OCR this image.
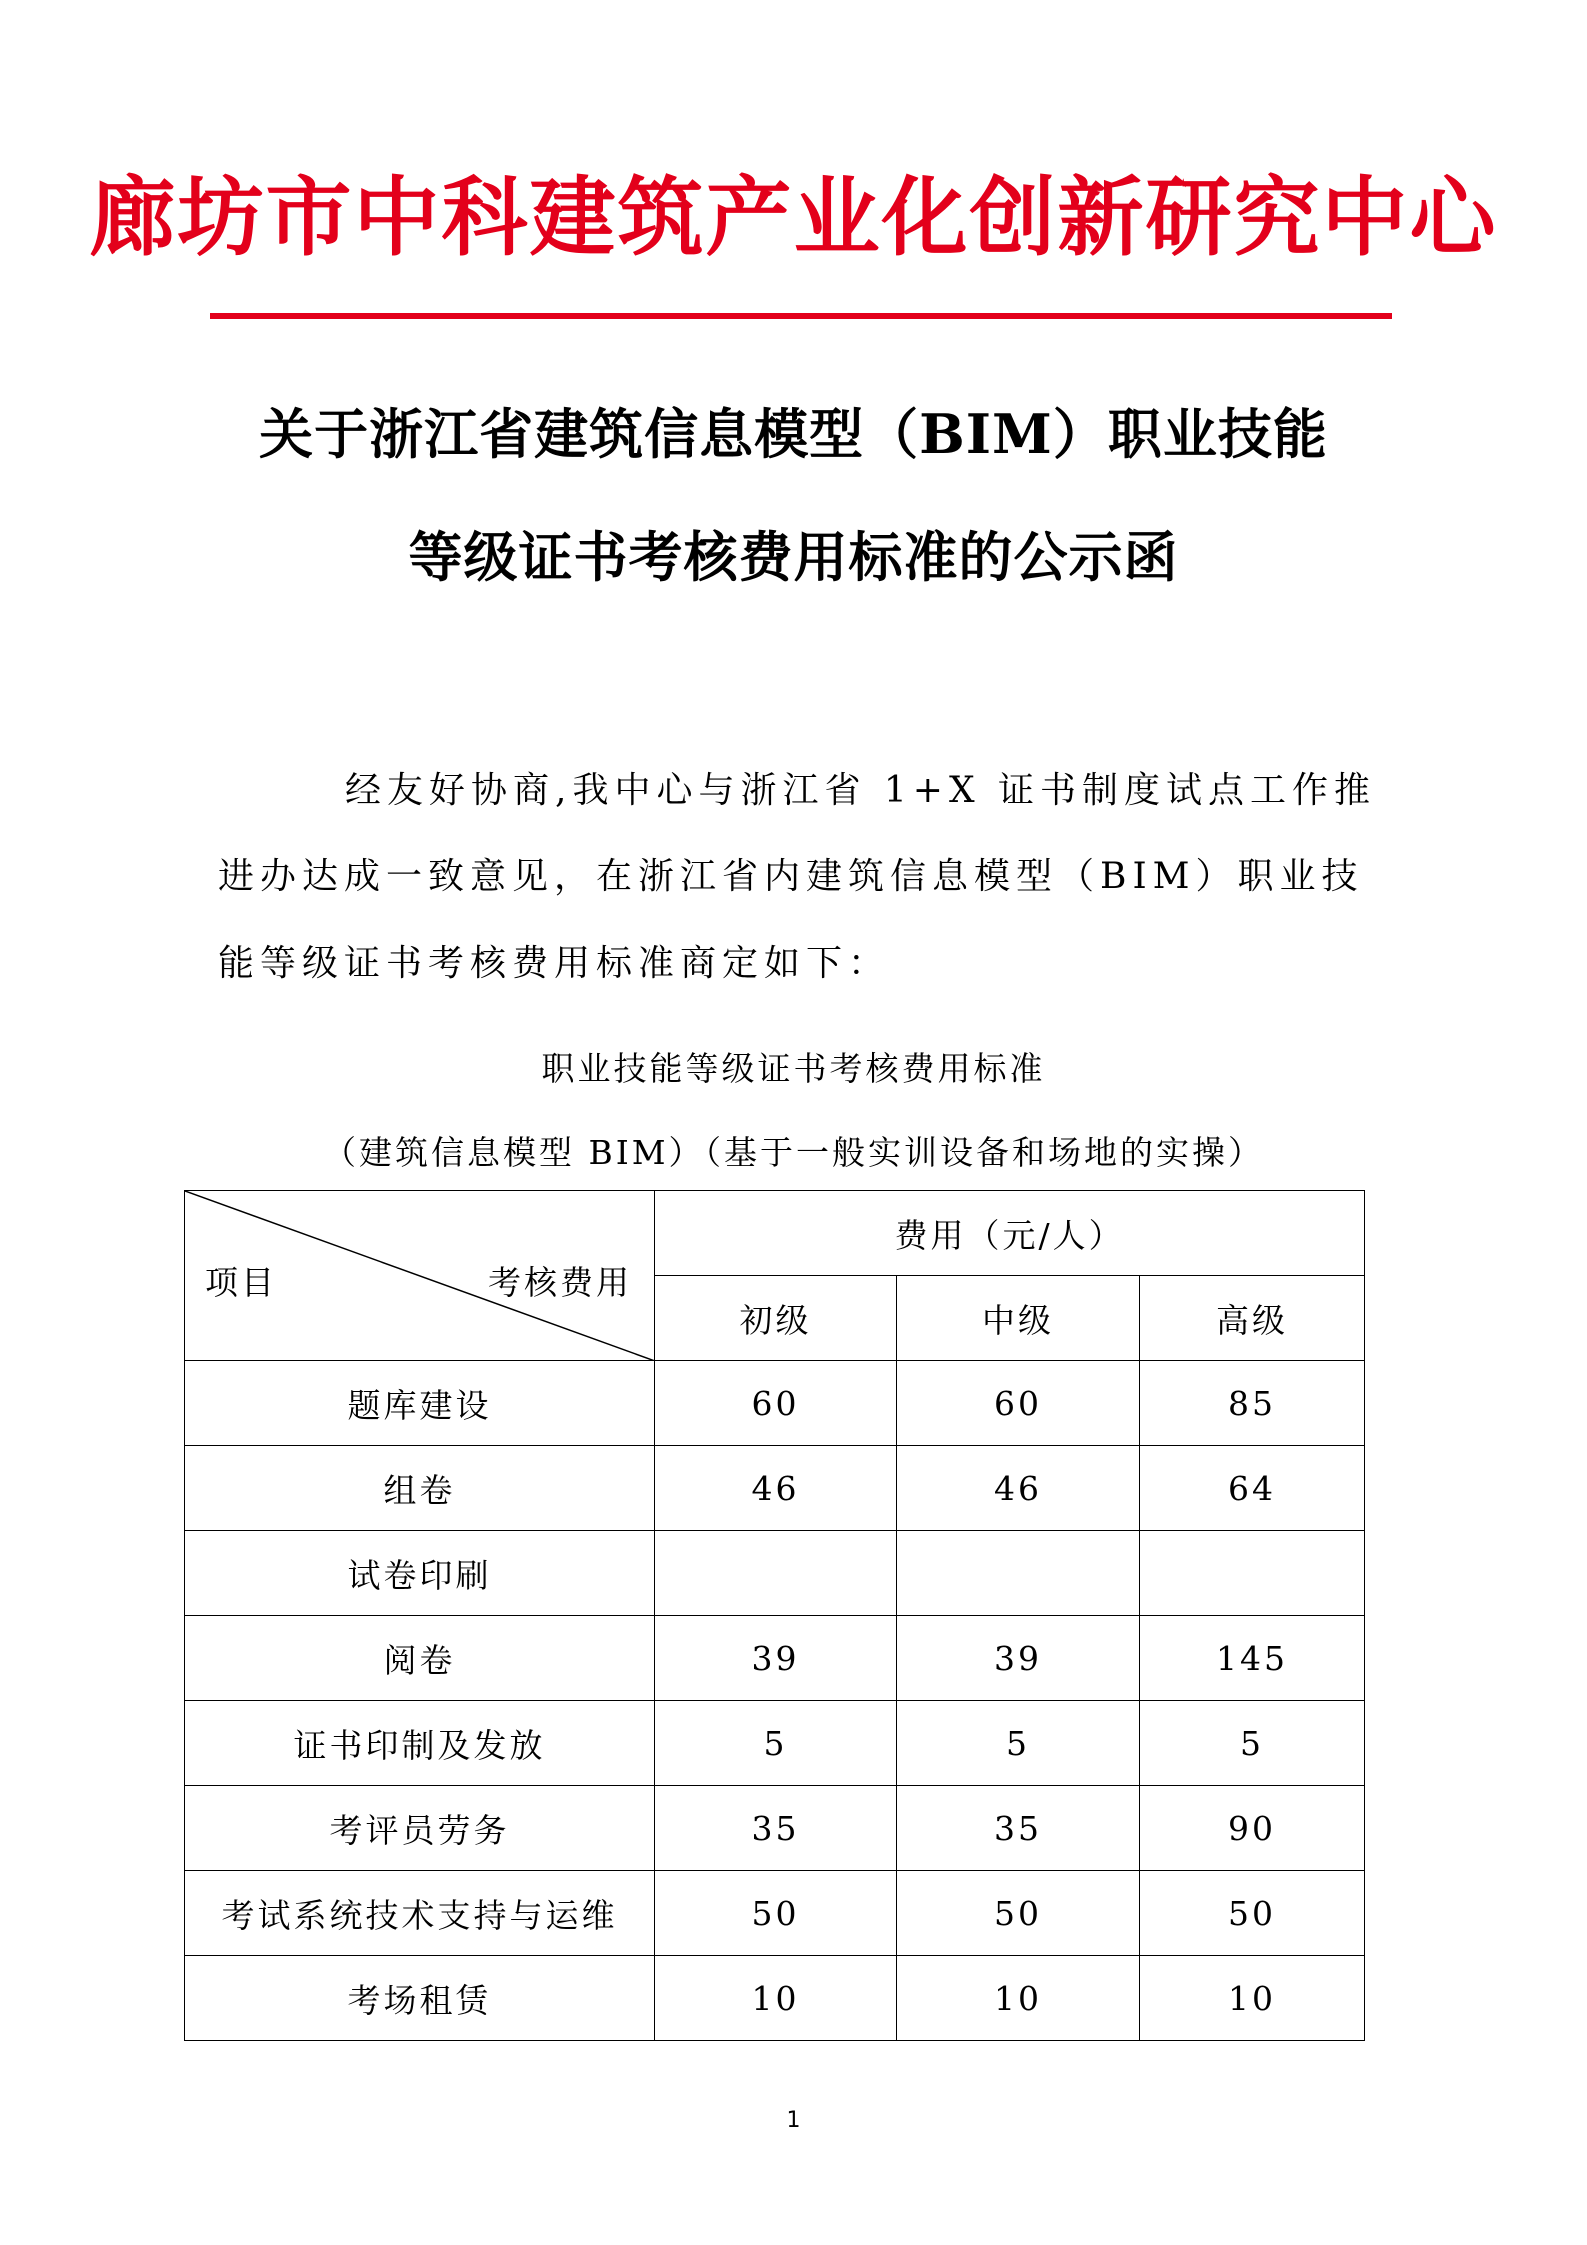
廊坊市中科建筑产业化创新研究中心
关于浙江省建筑信息模型（BIM）职业技能
等级证书考核费用标准的公示函
经友好协商,我中心与浙江省 1+X 证书制度试点工作推
进办达成一致意见，在浙江省内建筑信息模型（BIM）职业技
能等级证书考核费用标准商定如下：
职业技能等级证书考核费用标准
（建筑信息模型 BIM）（基于一般实训设备和场地的实操）
项目 考核费用	费用（元/人）		
	初级	中级	高级
题库建设	60	60	85
组卷	46	46	64
试卷印刷			
阅卷	39	39	145
证书印制及发放	5	5	5
考评员劳务	35	35	90
考试系统技术支持与运维	50	50	50
考场租赁	10	10	10
1
